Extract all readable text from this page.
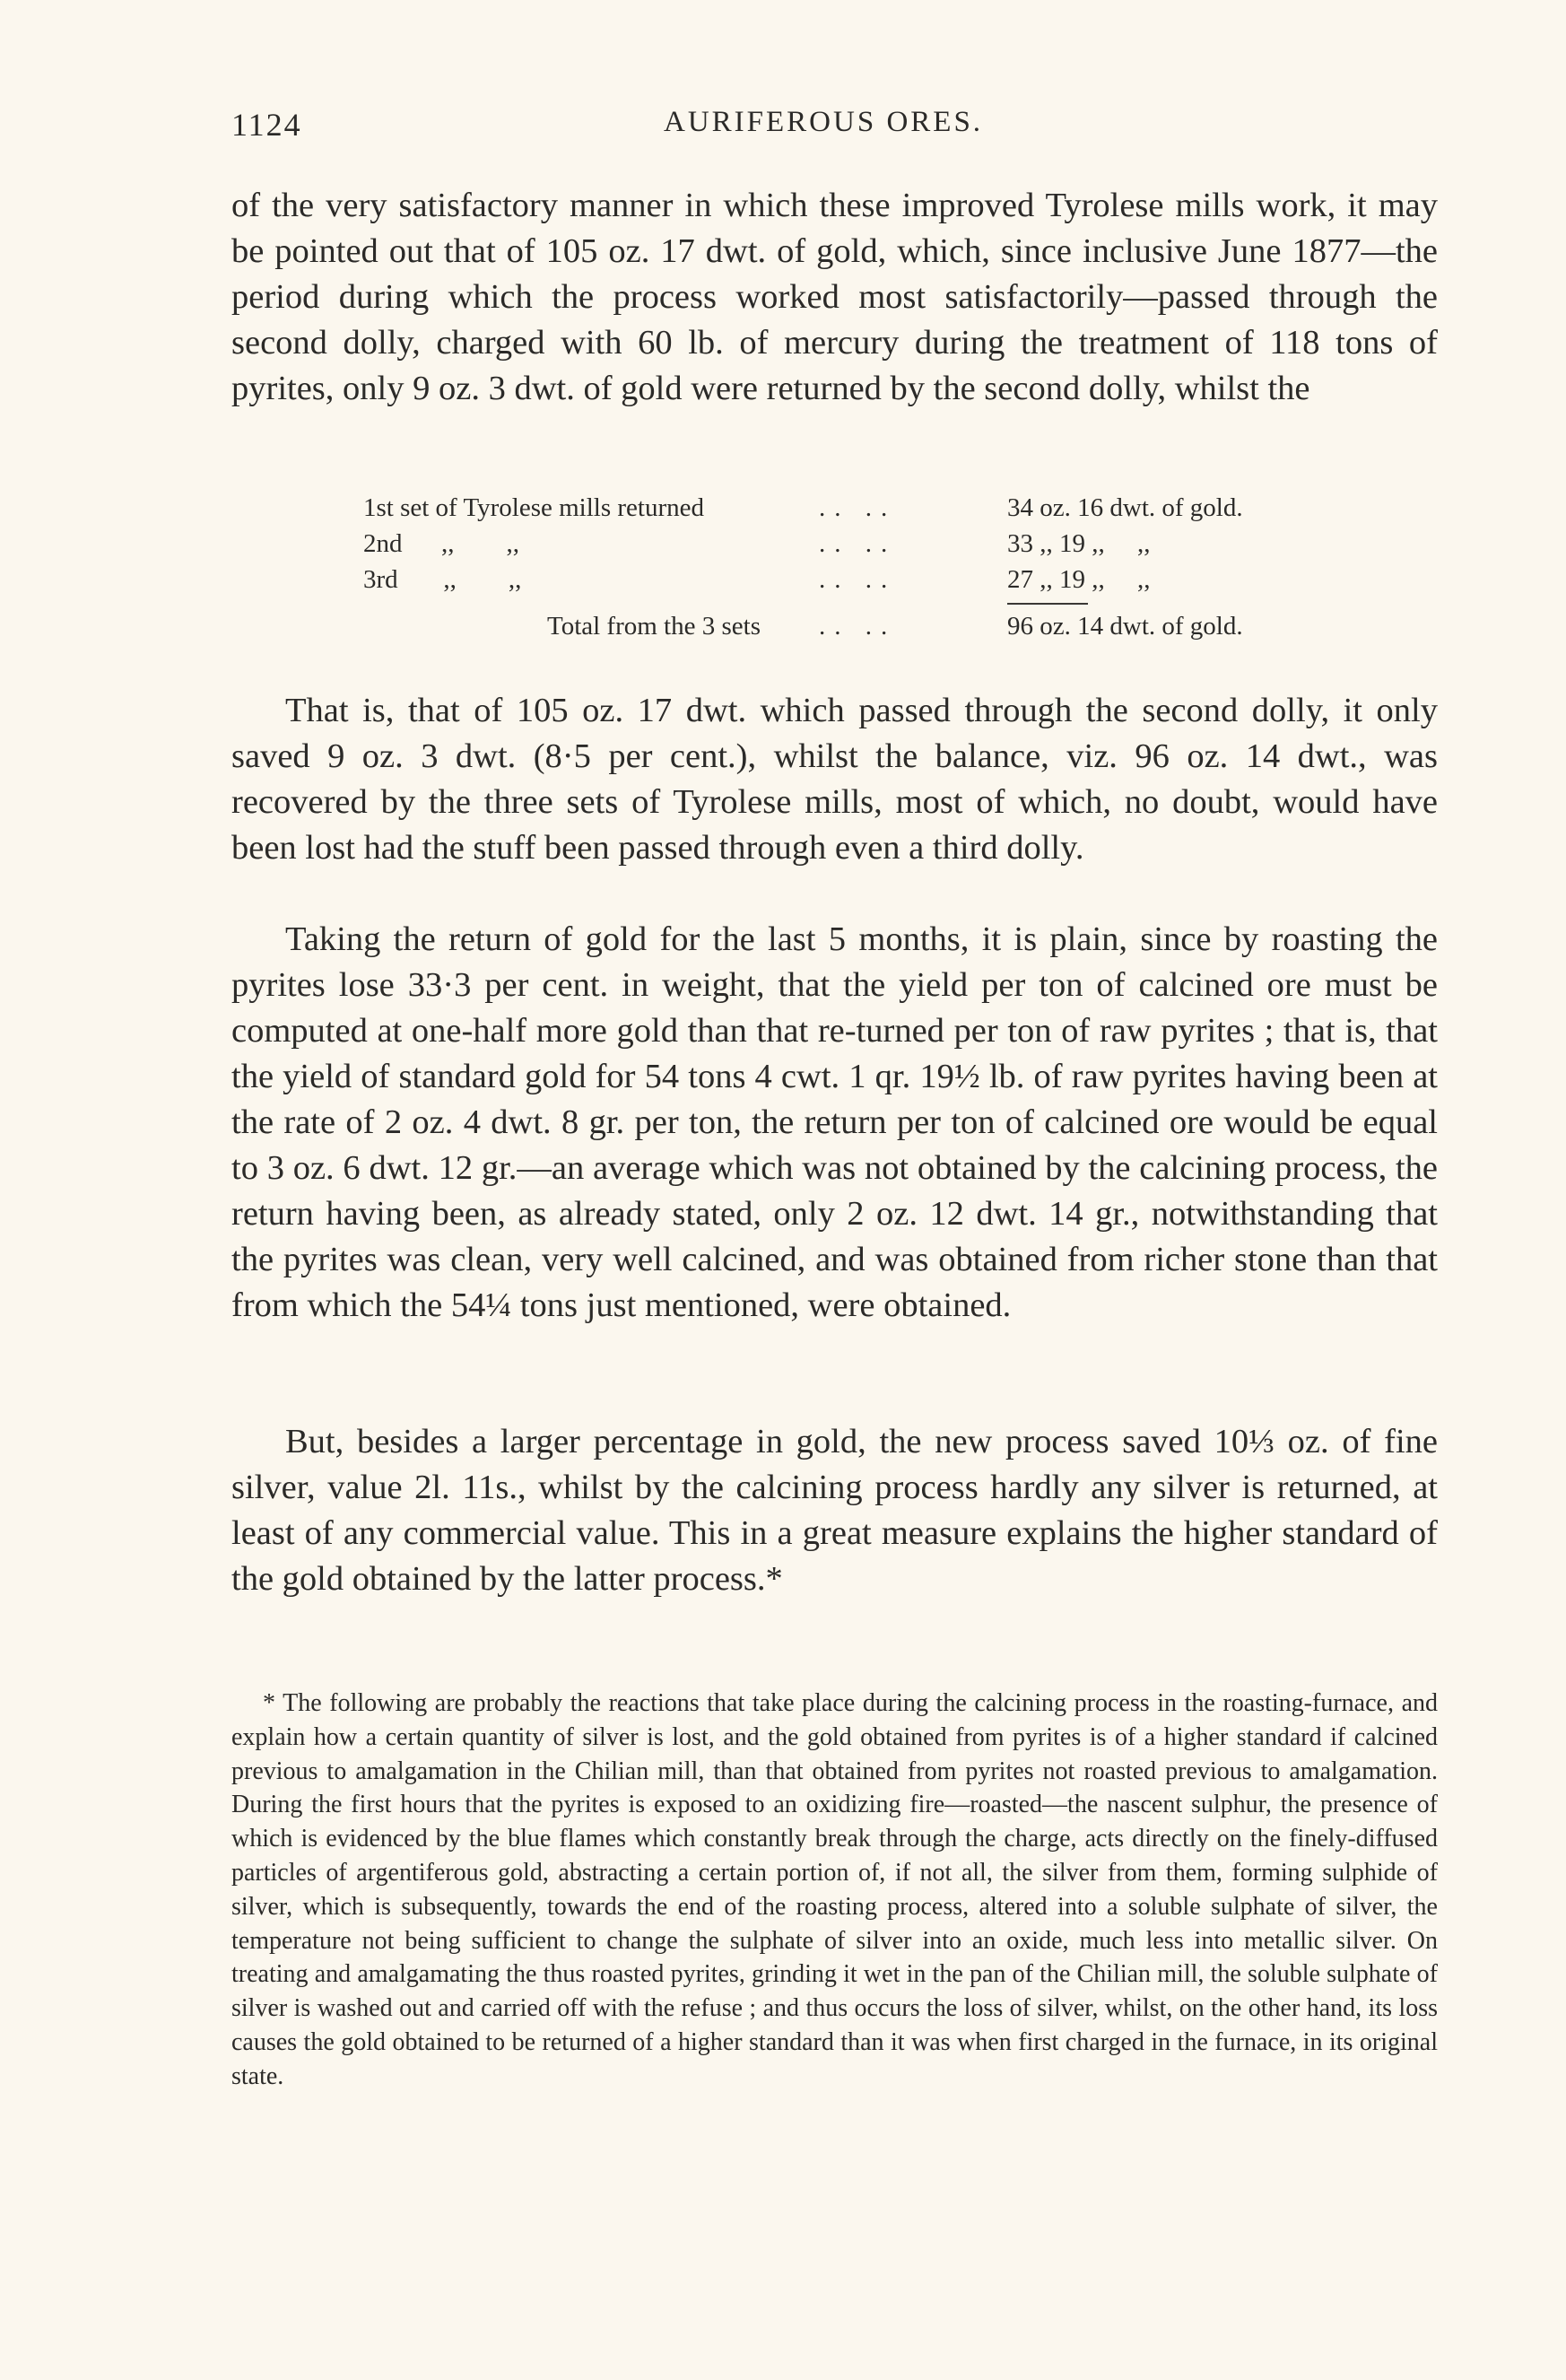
1124	AURIFEROUS ORES.

of the very satisfactory manner in which these improved Tyrolese mills work, it may be pointed out that of 105 oz. 17 dwt. of gold, which, since inclusive June 1877—the period during which the process worked most satisfactorily—passed through the second dolly, charged with 60 lb. of mercury during the treatment of 118 tons of pyrites, only 9 oz. 3 dwt. of gold were returned by the second dolly, whilst the

1st set of Tyrolese mills returned	.. ..	34 oz. 16 dwt. of gold.
2nd      ,,        ,,	.. ..	33 ,, 19 ,,     ,,
3rd       ,,        ,,	.. ..	27 ,, 19 ,,     ,,
Total from the 3 sets .. ..	96 oz. 14 dwt. of gold.

That is, that of 105 oz. 17 dwt. which passed through the second dolly, it only saved 9 oz. 3 dwt. (8·5 per cent.), whilst the balance, viz. 96 oz. 14 dwt., was recovered by the three sets of Tyrolese mills, most of which, no doubt, would have been lost had the stuff been passed through even a third dolly.

Taking the return of gold for the last 5 months, it is plain, since by roasting the pyrites lose 33·3 per cent. in weight, that the yield per ton of calcined ore must be computed at one-half more gold than that re-turned per ton of raw pyrites ; that is, that the yield of standard gold for 54 tons 4 cwt. 1 qr. 19½ lb. of raw pyrites having been at the rate of 2 oz. 4 dwt. 8 gr. per ton, the return per ton of calcined ore would be equal to 3 oz. 6 dwt. 12 gr.—an average which was not obtained by the calcining process, the return having been, as already stated, only 2 oz. 12 dwt. 14 gr., notwithstanding that the pyrites was clean, very well calcined, and was obtained from richer stone than that from which the 54¼ tons just mentioned, were obtained.

But, besides a larger percentage in gold, the new process saved 10⅓ oz. of fine silver, value 2l. 11s., whilst by the calcining process hardly any silver is returned, at least of any commercial value. This in a great measure explains the higher standard of the gold obtained by the latter process.*

* The following are probably the reactions that take place during the calcining process in the roasting-furnace, and explain how a certain quantity of silver is lost, and the gold obtained from pyrites is of a higher standard if calcined previous to amalgamation in the Chilian mill, than that obtained from pyrites not roasted previous to amalgamation. During the first hours that the pyrites is exposed to an oxidizing fire—roasted—the nascent sulphur, the presence of which is evidenced by the blue flames which constantly break through the charge, acts directly on the finely-diffused particles of argentiferous gold, abstracting a certain portion of, if not all, the silver from them, forming sulphide of silver, which is subsequently, towards the end of the roasting process, altered into a soluble sulphate of silver, the temperature not being sufficient to change the sulphate of silver into an oxide, much less into metallic silver. On treating and amalgamating the thus roasted pyrites, grinding it wet in the pan of the Chilian mill, the soluble sulphate of silver is washed out and carried off with the refuse ; and thus occurs the loss of silver, whilst, on the other hand, its loss causes the gold obtained to be returned of a higher standard than it was when first charged in the furnace, in its original state.
